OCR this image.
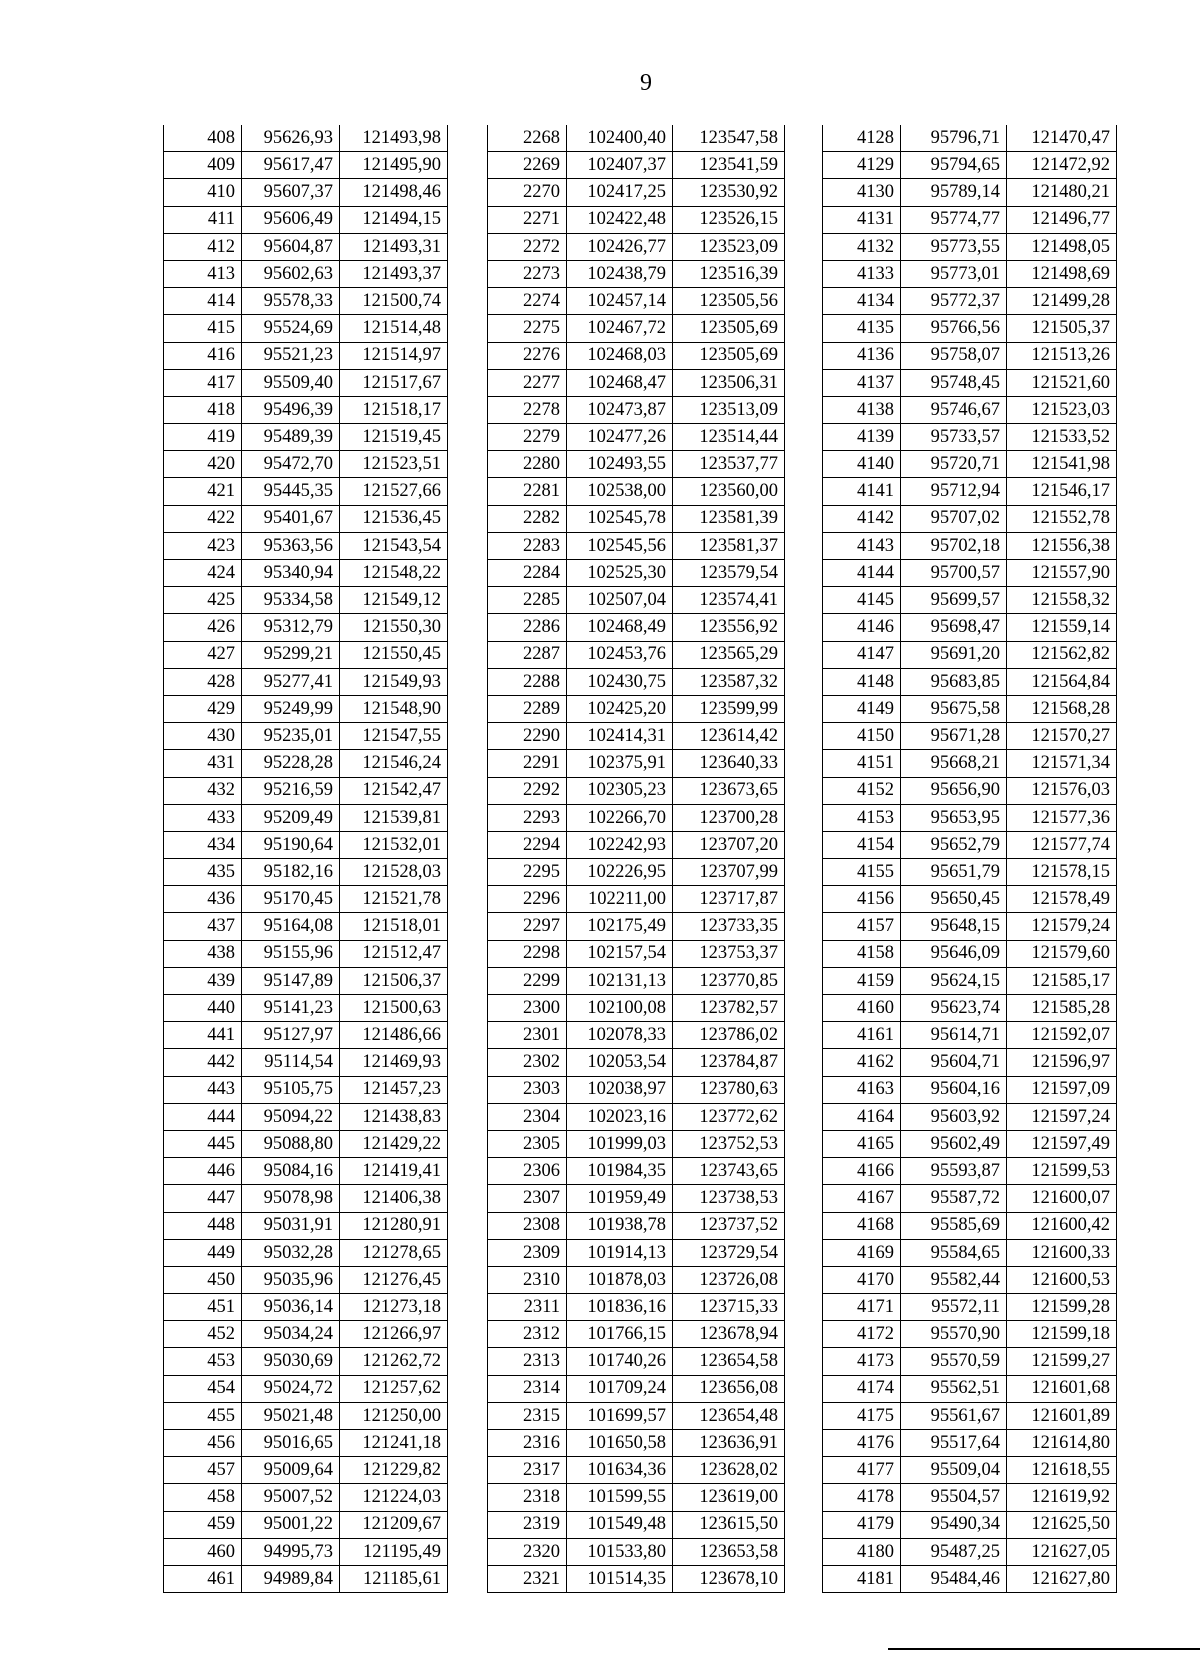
9
408	95626,93	121493,98
409	95617,47	121495,90
410	95607,37	121498,46
411	95606,49	121494,15
412	95604,87	121493,31
413	95602,63	121493,37
414	95578,33	121500,74
415	95524,69	121514,48
416	95521,23	121514,97
417	95509,40	121517,67
418	95496,39	121518,17
419	95489,39	121519,45
420	95472,70	121523,51
421	95445,35	121527,66
422	95401,67	121536,45
423	95363,56	121543,54
424	95340,94	121548,22
425	95334,58	121549,12
426	95312,79	121550,30
427	95299,21	121550,45
428	95277,41	121549,93
429	95249,99	121548,90
430	95235,01	121547,55
431	95228,28	121546,24
432	95216,59	121542,47
433	95209,49	121539,81
434	95190,64	121532,01
435	95182,16	121528,03
436	95170,45	121521,78
437	95164,08	121518,01
438	95155,96	121512,47
439	95147,89	121506,37
440	95141,23	121500,63
441	95127,97	121486,66
442	95114,54	121469,93
443	95105,75	121457,23
444	95094,22	121438,83
445	95088,80	121429,22
446	95084,16	121419,41
447	95078,98	121406,38
448	95031,91	121280,91
449	95032,28	121278,65
450	95035,96	121276,45
451	95036,14	121273,18
452	95034,24	121266,97
453	95030,69	121262,72
454	95024,72	121257,62
455	95021,48	121250,00
456	95016,65	121241,18
457	95009,64	121229,82
458	95007,52	121224,03
459	95001,22	121209,67
460	94995,73	121195,49
461	94989,84	121185,61
2268	102400,40	123547,58
2269	102407,37	123541,59
2270	102417,25	123530,92
2271	102422,48	123526,15
2272	102426,77	123523,09
2273	102438,79	123516,39
2274	102457,14	123505,56
2275	102467,72	123505,69
2276	102468,03	123505,69
2277	102468,47	123506,31
2278	102473,87	123513,09
2279	102477,26	123514,44
2280	102493,55	123537,77
2281	102538,00	123560,00
2282	102545,78	123581,39
2283	102545,56	123581,37
2284	102525,30	123579,54
2285	102507,04	123574,41
2286	102468,49	123556,92
2287	102453,76	123565,29
2288	102430,75	123587,32
2289	102425,20	123599,99
2290	102414,31	123614,42
2291	102375,91	123640,33
2292	102305,23	123673,65
2293	102266,70	123700,28
2294	102242,93	123707,20
2295	102226,95	123707,99
2296	102211,00	123717,87
2297	102175,49	123733,35
2298	102157,54	123753,37
2299	102131,13	123770,85
2300	102100,08	123782,57
2301	102078,33	123786,02
2302	102053,54	123784,87
2303	102038,97	123780,63
2304	102023,16	123772,62
2305	101999,03	123752,53
2306	101984,35	123743,65
2307	101959,49	123738,53
2308	101938,78	123737,52
2309	101914,13	123729,54
2310	101878,03	123726,08
2311	101836,16	123715,33
2312	101766,15	123678,94
2313	101740,26	123654,58
2314	101709,24	123656,08
2315	101699,57	123654,48
2316	101650,58	123636,91
2317	101634,36	123628,02
2318	101599,55	123619,00
2319	101549,48	123615,50
2320	101533,80	123653,58
2321	101514,35	123678,10
4128	95796,71	121470,47
4129	95794,65	121472,92
4130	95789,14	121480,21
4131	95774,77	121496,77
4132	95773,55	121498,05
4133	95773,01	121498,69
4134	95772,37	121499,28
4135	95766,56	121505,37
4136	95758,07	121513,26
4137	95748,45	121521,60
4138	95746,67	121523,03
4139	95733,57	121533,52
4140	95720,71	121541,98
4141	95712,94	121546,17
4142	95707,02	121552,78
4143	95702,18	121556,38
4144	95700,57	121557,90
4145	95699,57	121558,32
4146	95698,47	121559,14
4147	95691,20	121562,82
4148	95683,85	121564,84
4149	95675,58	121568,28
4150	95671,28	121570,27
4151	95668,21	121571,34
4152	95656,90	121576,03
4153	95653,95	121577,36
4154	95652,79	121577,74
4155	95651,79	121578,15
4156	95650,45	121578,49
4157	95648,15	121579,24
4158	95646,09	121579,60
4159	95624,15	121585,17
4160	95623,74	121585,28
4161	95614,71	121592,07
4162	95604,71	121596,97
4163	95604,16	121597,09
4164	95603,92	121597,24
4165	95602,49	121597,49
4166	95593,87	121599,53
4167	95587,72	121600,07
4168	95585,69	121600,42
4169	95584,65	121600,33
4170	95582,44	121600,53
4171	95572,11	121599,28
4172	95570,90	121599,18
4173	95570,59	121599,27
4174	95562,51	121601,68
4175	95561,67	121601,89
4176	95517,64	121614,80
4177	95509,04	121618,55
4178	95504,57	121619,92
4179	95490,34	121625,50
4180	95487,25	121627,05
4181	95484,46	121627,80
